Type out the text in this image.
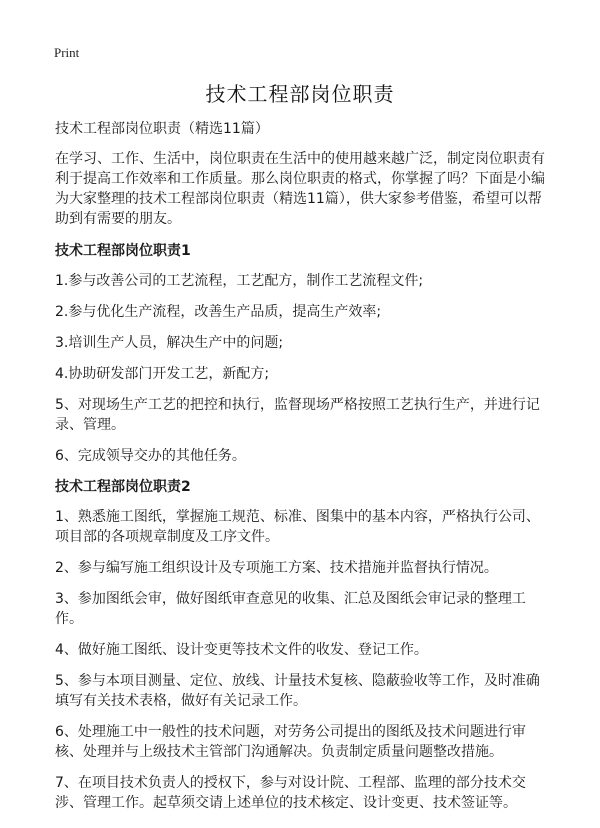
Print
技术工程部岗位职责

技术工程部岗位职责（精选11篇）

在学习、工作、生活中，岗位职责在生活中的使用越来越广泛，制定岗位职责有利于提高工作效率和工作质量。那么岗位职责的格式，你掌握了吗？下面是小编为大家整理的技术工程部岗位职责（精选11篇），供大家参考借鉴，希望可以帮助到有需要的朋友。

技术工程部岗位职责1

1.参与改善公司的工艺流程，工艺配方，制作工艺流程文件;

2.参与优化生产流程，改善生产品质，提高生产效率;

3.培训生产人员，解决生产中的问题;

4.协助研发部门开发工艺，新配方;

5、对现场生产工艺的把控和执行，监督现场严格按照工艺执行生产，并进行记录、管理。

6、完成领导交办的其他任务。

技术工程部岗位职责2

1、熟悉施工图纸，掌握施工规范、标准、图集中的基本内容，严格执行公司、项目部的各项规章制度及工序文件。

2、参与编写施工组织设计及专项施工方案、技术措施并监督执行情况。

3、参加图纸会审，做好图纸审查意见的收集、汇总及图纸会审记录的整理工作。

4、做好施工图纸、设计变更等技术文件的收发、登记工作。

5、参与本项目测量、定位、放线、计量技术复核、隐蔽验收等工作，及时准确填写有关技术表格，做好有关记录工作。

6、处理施工中一般性的技术问题，对劳务公司提出的图纸及技术问题进行审核、处理并与上级技术主管部门沟通解决。负责制定质量问题整改措施。

7、在项目技术负责人的授权下，参与对设计院、工程部、监理的部分技术交涉、管理工作。起草须交请上述单位的技术核定、设计变更、技术签证等。
